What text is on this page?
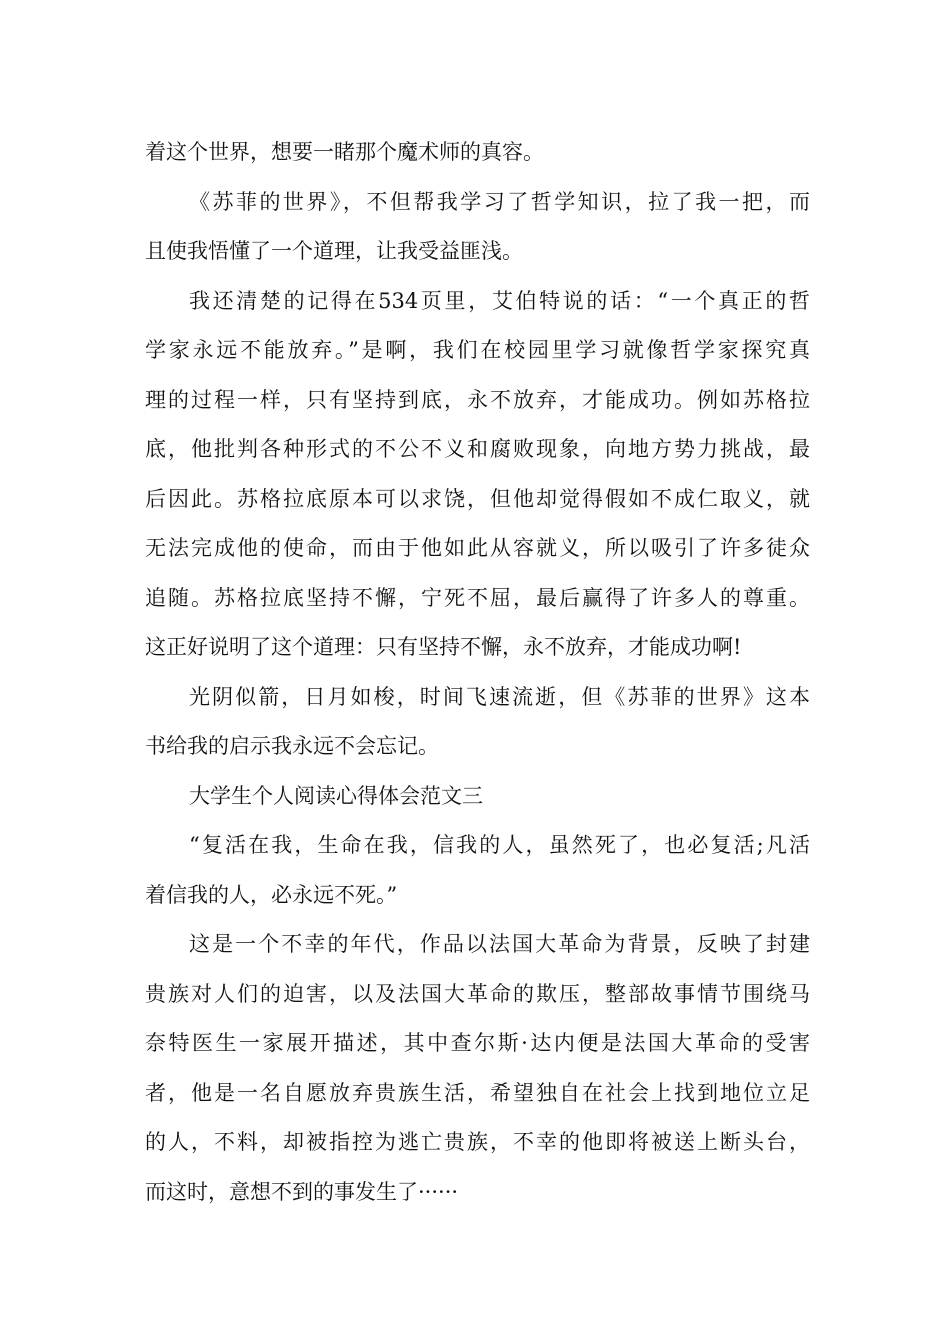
着这个世界，想要一睹那个魔术师的真容。
《苏菲的世界》，不但帮我学习了哲学知识，拉了我一把，而
且使我悟懂了一个道理，让我受益匪浅。
我还清楚的记得在534页里，艾伯特说的话：“一个真正的哲
学家永远不能放弃。”是啊，我们在校园里学习就像哲学家探究真
理的过程一样，只有坚持到底，永不放弃，才能成功。例如苏格拉
底，他批判各种形式的不公不义和腐败现象，向地方势力挑战，最
后因此。苏格拉底原本可以求饶，但他却觉得假如不成仁取义，就
无法完成他的使命，而由于他如此从容就义，所以吸引了许多徒众
追随。苏格拉底坚持不懈，宁死不屈，最后赢得了许多人的尊重。
这正好说明了这个道理：只有坚持不懈，永不放弃，才能成功啊!
光阴似箭，日月如梭，时间飞速流逝，但《苏菲的世界》这本
书给我的启示我永远不会忘记。
大学生个人阅读心得体会范文三
“复活在我，生命在我，信我的人，虽然死了，也必复活;凡活
着信我的人，必永远不死。”
这是一个不幸的年代，作品以法国大革命为背景，反映了封建
贵族对人们的迫害，以及法国大革命的欺压，整部故事情节围绕马
奈特医生一家展开描述，其中查尔斯·达内便是法国大革命的受害
者，他是一名自愿放弃贵族生活，希望独自在社会上找到地位立足
的人，不料，却被指控为逃亡贵族，不幸的他即将被送上断头台，
而这时，意想不到的事发生了······
